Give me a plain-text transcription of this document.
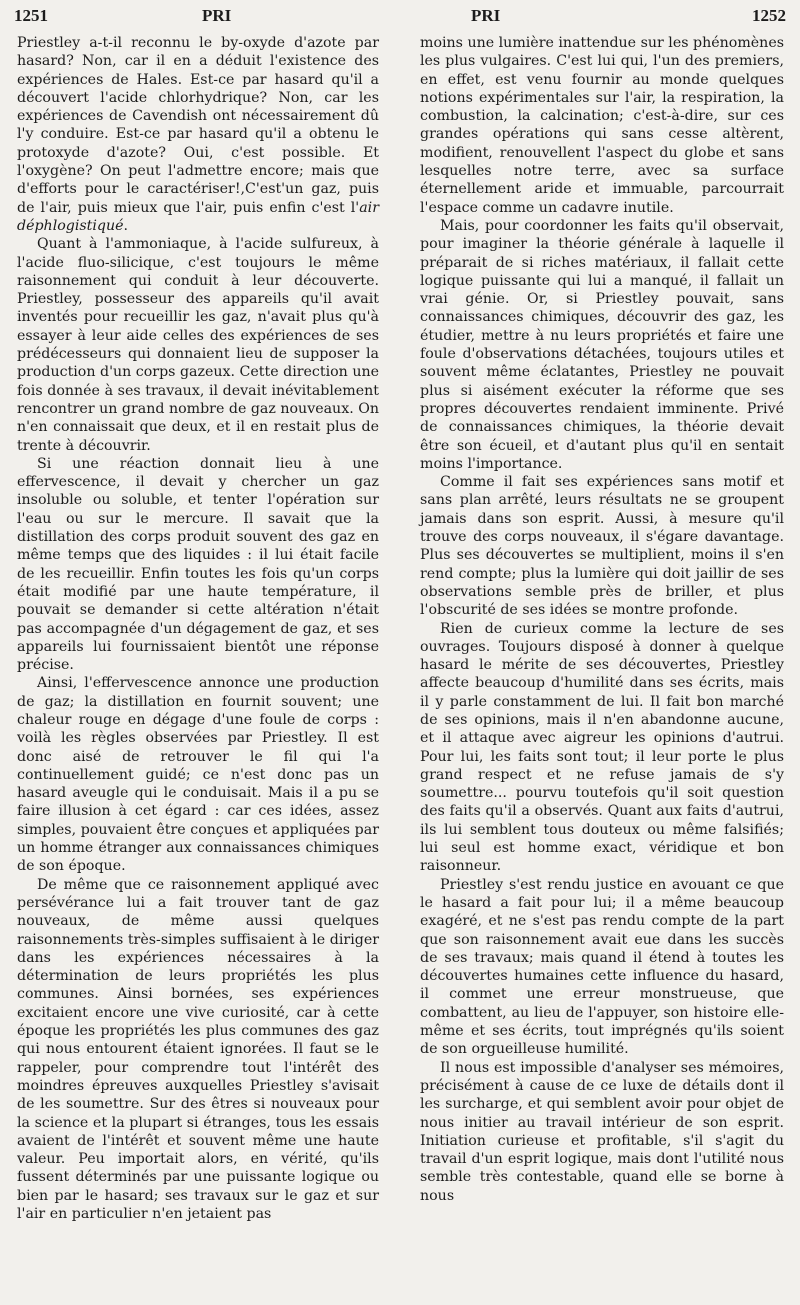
1251	PRI	PRI	1252

Priestley a-t-il reconnu le by-oxyde d'azote par hasard? Non, car il en a déduit l'existence des expériences de Hales. Est-ce par hasard qu'il a découvert l'acide chlorhydrique? Non, car les expériences de Cavendish ont nécessairement dû l'y conduire. Est-ce par hasard qu'il a obtenu le protoxyde d'azote? Oui, c'est possible. Et l'oxygène? On peut l'admettre encore; mais que d'efforts pour le caractériser!,C'est'un gaz, puis de l'air, puis mieux que l'air, puis enfin c'est l'air déphlogistiqué.

Quant à l'ammoniaque, à l'acide sulfureux, à l'acide fluo-silicique, c'est toujours le même raisonnement qui conduit à leur découverte. Priestley, possesseur des appareils qu'il avait inventés pour recueillir les gaz, n'avait plus qu'à essayer à leur aide celles des expériences de ses prédécesseurs qui donnaient lieu de supposer la production d'un corps gazeux. Cette direction une fois donnée à ses travaux, il devait inévitablement rencontrer un grand nombre de gaz nouveaux. On n'en connaissait que deux, et il en restait plus de trente à découvrir.

Si une réaction donnait lieu à une effervescence, il devait y chercher un gaz insoluble ou soluble, et tenter l'opération sur l'eau ou sur le mercure. Il savait que la distillation des corps produit souvent des gaz en même temps que des liquides : il lui était facile de les recueillir. Enfin toutes les fois qu'un corps était modifié par une haute température, il pouvait se demander si cette altération n'était pas accompagnée d'un dégagement de gaz, et ses appareils lui fournissaient bientôt une réponse précise.

Ainsi, l'effervescence annonce une production de gaz; la distillation en fournit souvent; une chaleur rouge en dégage d'une foule de corps : voilà les règles observées par Priestley. Il est donc aisé de retrouver le fil qui l'a continuellement guidé; ce n'est donc pas un hasard aveugle qui le conduisait. Mais il a pu se faire illusion à cet égard : car ces idées, assez simples, pouvaient être conçues et appliquées par un homme étranger aux connaissances chimiques de son époque.

De même que ce raisonnement appliqué avec persévérance lui a fait trouver tant de gaz nouveaux, de même aussi quelques raisonnements très-simples suffisaient à le diriger dans les expériences nécessaires à la détermination de leurs propriétés les plus communes. Ainsi bornées, ses expériences excitaient encore une vive curiosité, car à cette époque les propriétés les plus communes des gaz qui nous entourent étaient ignorées. Il faut se le rappeler, pour comprendre tout l'intérêt des moindres épreuves auxquelles Priestley s'avisait de les soumettre. Sur des êtres si nouveaux pour la science et la plupart si étranges, tous les essais avaient de l'intérêt et souvent même une haute valeur. Peu importait alors, en vérité, qu'ils fussent déterminés par une puissante logique ou bien par le hasard; ses travaux sur le gaz et sur l'air en particulier n'en jetaient pas

moins une lumière inattendue sur les phénomènes les plus vulgaires. C'est lui qui, l'un des premiers, en effet, est venu fournir au monde quelques notions expérimentales sur l'air, la respiration, la combustion, la calcination; c'est-à-dire, sur ces grandes opérations qui sans cesse altèrent, modifient, renouvellent l'aspect du globe et sans lesquelles notre terre, avec sa surface éternellement aride et immuable, parcourrait l'espace comme un cadavre inutile.

Mais, pour coordonner les faits qu'il observait, pour imaginer la théorie générale à laquelle il préparait de si riches matériaux, il fallait cette logique puissante qui lui a manqué, il fallait un vrai génie. Or, si Priestley pouvait, sans connaissances chimiques, découvrir des gaz, les étudier, mettre à nu leurs propriétés et faire une foule d'observations détachées, toujours utiles et souvent même éclatantes, Priestley ne pouvait plus si aisément exécuter la réforme que ses propres découvertes rendaient imminente. Privé de connaissances chimiques, la théorie devait être son écueil, et d'autant plus qu'il en sentait moins l'importance.

Comme il fait ses expériences sans motif et sans plan arrêté, leurs résultats ne se groupent jamais dans son esprit. Aussi, à mesure qu'il trouve des corps nouveaux, il s'égare davantage. Plus ses découvertes se multiplient, moins il s'en rend compte; plus la lumière qui doit jaillir de ses observations semble près de briller, et plus l'obscurité de ses idées se montre profonde.

Rien de curieux comme la lecture de ses ouvrages. Toujours disposé à donner à quelque hasard le mérite de ses découvertes, Priestley affecte beaucoup d'humilité dans ses écrits, mais il y parle constamment de lui. Il fait bon marché de ses opinions, mais il n'en abandonne aucune, et il attaque avec aigreur les opinions d'autrui. Pour lui, les faits sont tout; il leur porte le plus grand respect et ne refuse jamais de s'y soumettre... pourvu toutefois qu'il soit question des faits qu'il a observés. Quant aux faits d'autrui, ils lui semblent tous douteux ou même falsifiés; lui seul est homme exact, véridique et bon raisonneur.

Priestley s'est rendu justice en avouant ce que le hasard a fait pour lui; il a même beaucoup exagéré, et ne s'est pas rendu compte de la part que son raisonnement avait eue dans les succès de ses travaux; mais quand il étend à toutes les découvertes humaines cette influence du hasard, il commet une erreur monstrueuse, que combattent, au lieu de l'appuyer, son histoire elle-même et ses écrits, tout imprégnés qu'ils soient de son orgueilleuse humilité.

Il nous est impossible d'analyser ses mémoires, précisément à cause de ce luxe de détails dont il les surcharge, et qui semblent avoir pour objet de nous initier au travail intérieur de son esprit. Initiation curieuse et profitable, s'il s'agit du travail d'un esprit logique, mais dont l'utilité nous semble très contestable, quand elle se borne à nous
